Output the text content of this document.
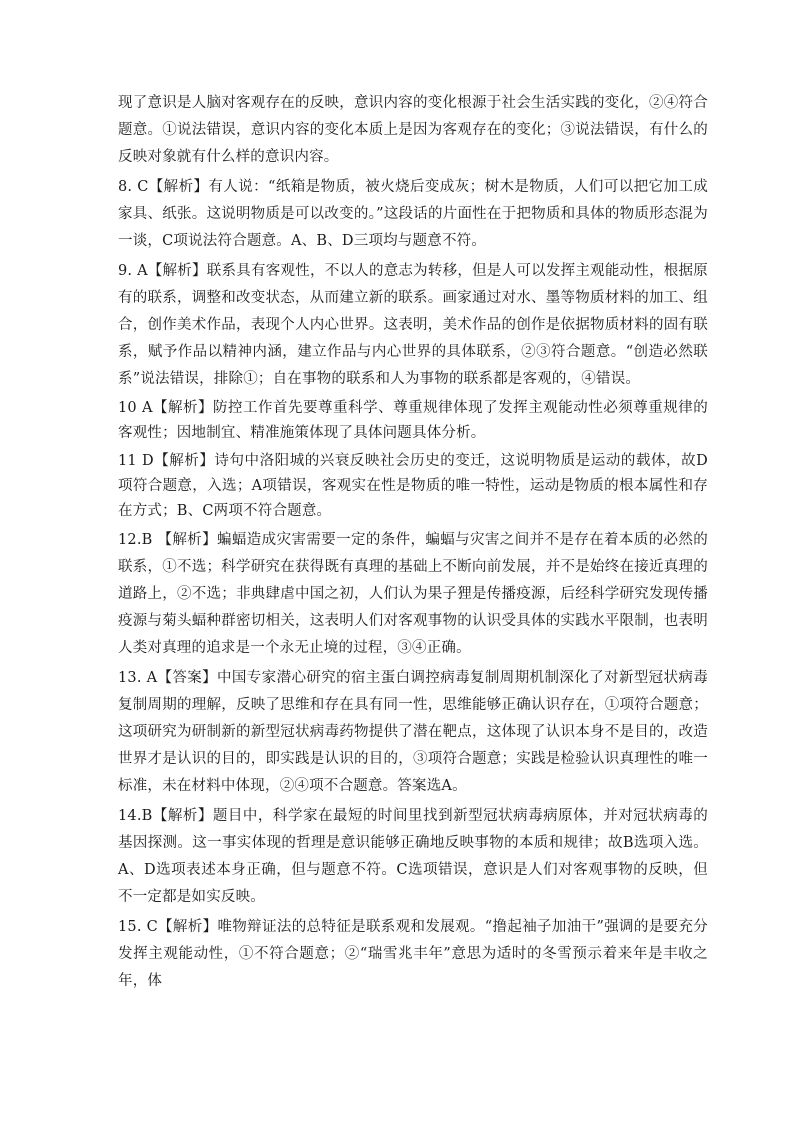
现了意识是人脑对客观存在的反映，意识内容的变化根源于社会生活实践的变化，②④符合题意。①说法错误，意识内容的变化本质上是因为客观存在的变化；③说法错误，有什么的反映对象就有什么样的意识内容。

8. C【解析】有人说：“纸箱是物质，被火烧后变成灰；树木是物质，人们可以把它加工成家具、纸张。这说明物质是可以改变的。”这段话的片面性在于把物质和具体的物质形态混为一谈，C项说法符合题意。A、B、D三项均与题意不符。

9. A【解析】联系具有客观性，不以人的意志为转移，但是人可以发挥主观能动性，根据原有的联系，调整和改变状态，从而建立新的联系。画家通过对水、墨等物质材料的加工、组合，创作美术作品，表现个人内心世界。这表明，美术作品的创作是依据物质材料的固有联系，赋予作品以精神内涵，建立作品与内心世界的具体联系，②③符合题意。“创造必然联系”说法错误，排除①；自在事物的联系和人为事物的联系都是客观的，④错误。

10 A【解析】防控工作首先要尊重科学、尊重规律体现了发挥主观能动性必须尊重规律的客观性；因地制宜、精准施策体现了具体问题具体分析。

11 D【解析】诗句中洛阳城的兴衰反映社会历史的变迁，这说明物质是运动的载体，故D项符合题意，入选；A项错误，客观实在性是物质的唯一特性，运动是物质的根本属性和存在方式；B、C两项不符合题意。

12.B 【解析】蝙蝠造成灾害需要一定的条件，蝙蝠与灾害之间并不是存在着本质的必然的联系，①不选；科学研究在获得既有真理的基础上不断向前发展，并不是始终在接近真理的道路上，②不选；非典肆虐中国之初，人们认为果子狸是传播疫源，后经科学研究发现传播疫源与菊头蝠种群密切相关，这表明人们对客观事物的认识受具体的实践水平限制，也表明人类对真理的追求是一个永无止境的过程，③④正确。

13. A【答案】中国专家潜心研究的宿主蛋白调控病毒复制周期机制深化了对新型冠状病毒复制周期的理解，反映了思维和存在具有同一性，思维能够正确认识存在，①项符合题意；这项研究为研制新的新型冠状病毒药物提供了潜在靶点，这体现了认识本身不是目的，改造世界才是认识的目的，即实践是认识的目的，③项符合题意；实践是检验认识真理性的唯一标准，未在材料中体现，②④项不合题意。答案选A。

14.B【解析】题目中，科学家在最短的时间里找到新型冠状病毒病原体，并对冠状病毒的基因探测。这一事实体现的哲理是意识能够正确地反映事物的本质和规律；故B选项入选。A、D选项表述本身正确，但与题意不符。C选项错误，意识是人们对客观事物的反映，但不一定都是如实反映。

15. C【解析】唯物辩证法的总特征是联系观和发展观。“撸起袖子加油干”强调的是要充分发挥主观能动性，①不符合题意；②“瑞雪兆丰年”意思为适时的冬雪预示着来年是丰收之年，体
